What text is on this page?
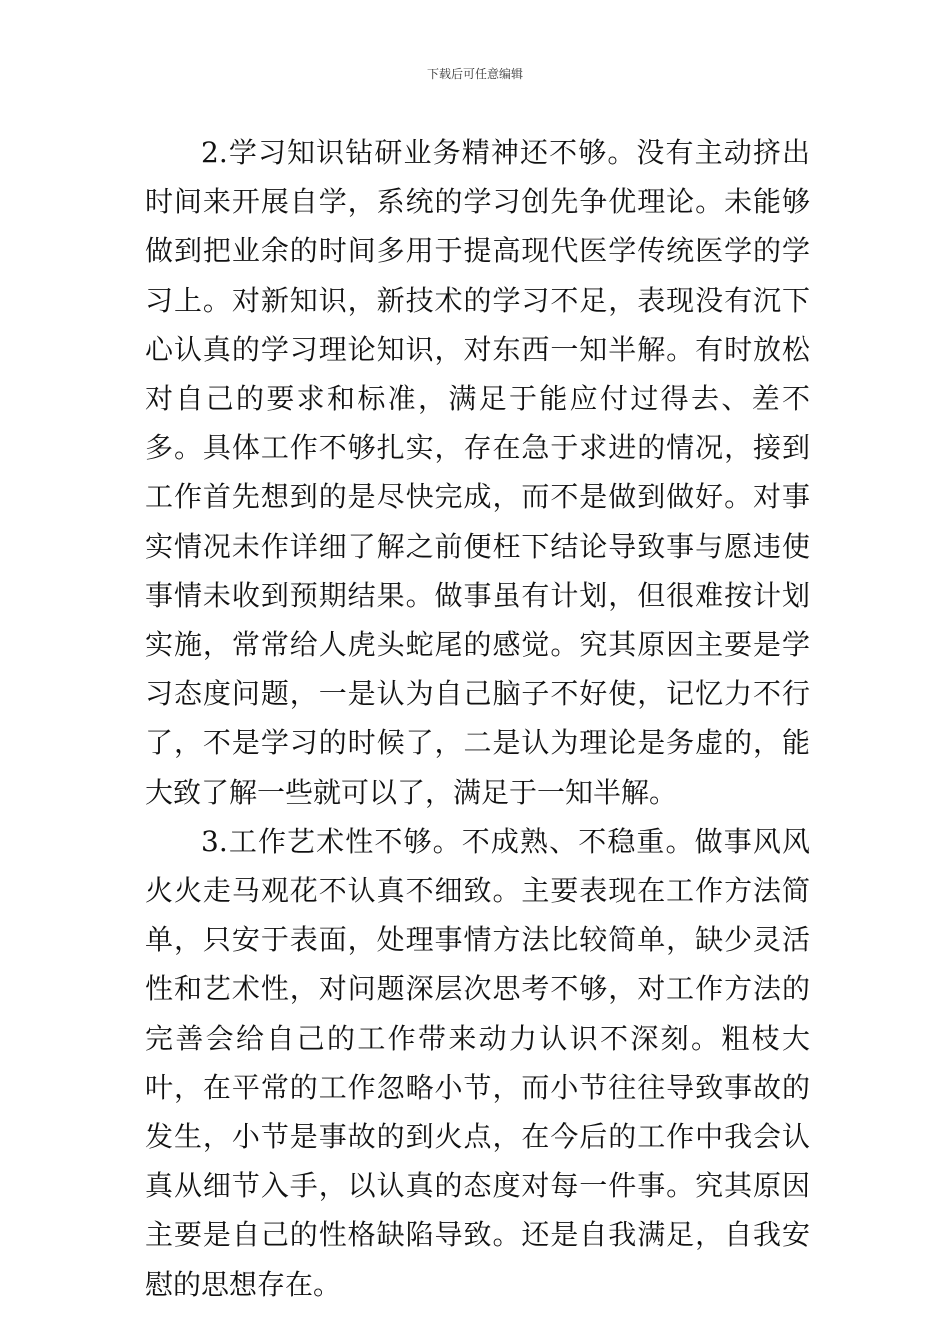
下载后可任意编辑

2.学习知识钻研业务精神还不够。没有主动挤出时间来开展自学，系统的学习创先争优理论。未能够做到把业余的时间多用于提高现代医学传统医学的学习上。对新知识，新技术的学习不足，表现没有沉下心认真的学习理论知识，对东西一知半解。有时放松对自己的要求和标准，满足于能应付过得去、差不多。具体工作不够扎实，存在急于求进的情况，接到工作首先想到的是尽快完成，而不是做到做好。对事实情况未作详细了解之前便枉下结论导致事与愿违使事情未收到预期结果。做事虽有计划，但很难按计划实施，常常给人虎头蛇尾的感觉。究其原因主要是学习态度问题，一是认为自己脑子不好使，记忆力不行了，不是学习的时候了，二是认为理论是务虚的，能大致了解一些就可以了，满足于一知半解。

3.工作艺术性不够。不成熟、不稳重。做事风风火火走马观花不认真不细致。主要表现在工作方法简单，只安于表面，处理事情方法比较简单，缺少灵活性和艺术性，对问题深层次思考不够，对工作方法的完善会给自己的工作带来动力认识不深刻。粗枝大叶，在平常的工作忽略小节，而小节往往导致事故的发生，小节是事故的到火点，在今后的工作中我会认真从细节入手，以认真的态度对每一件事。究其原因主要是自己的性格缺陷导致。还是自我满足，自我安慰的思想存在。
